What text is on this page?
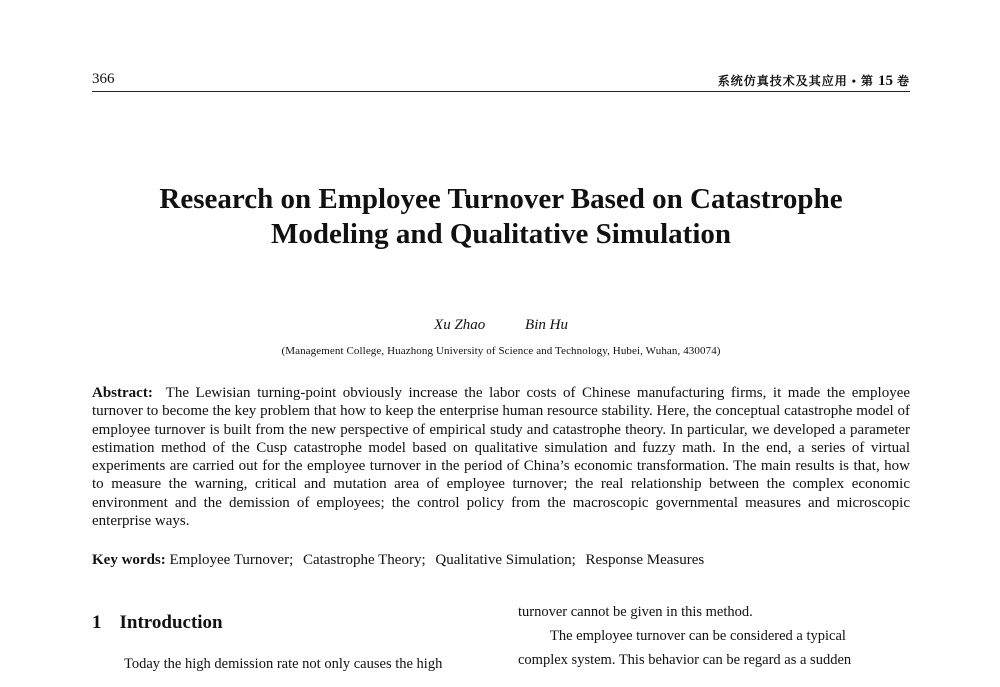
366	系统仿真技术及其应用 • 第 15 卷
Research on Employee Turnover Based on Catastrophe
Modeling and Qualitative Simulation
Xu Zhao	Bin Hu
(Management College, Huazhong University of Science and Technology, Hubei, Wuhan, 430074)

Abstract: The Lewisian turning-point obviously increase the labor costs of Chinese manufacturing firms, it made the employee turnover to become the key problem that how to keep the enterprise human resource stability. Here, the conceptual catastrophe model of employee turnover is built from the new perspective of empirical study and catastrophe theory. In particular, we developed a parameter estimation method of the Cusp catastrophe model based on qualitative simulation and fuzzy math. In the end, a series of virtual experiments are carried out for the employee turnover in the period of China’s economic transformation. The main results is that, how to measure the warning, critical and mutation area of employee turnover; the real relationship between the complex economic environment and the demission of employees; the control policy from the macroscopic governmental measures and microscopic enterprise ways.

Key words: Employee Turnover; Catastrophe Theory; Qualitative Simulation; Response Measures
1 Introduction

Today the high demission rate not only causes the high

turnover cannot be given in this method.

The employee turnover can be considered a typical

complex system. This behavior can be regard as a sudden
